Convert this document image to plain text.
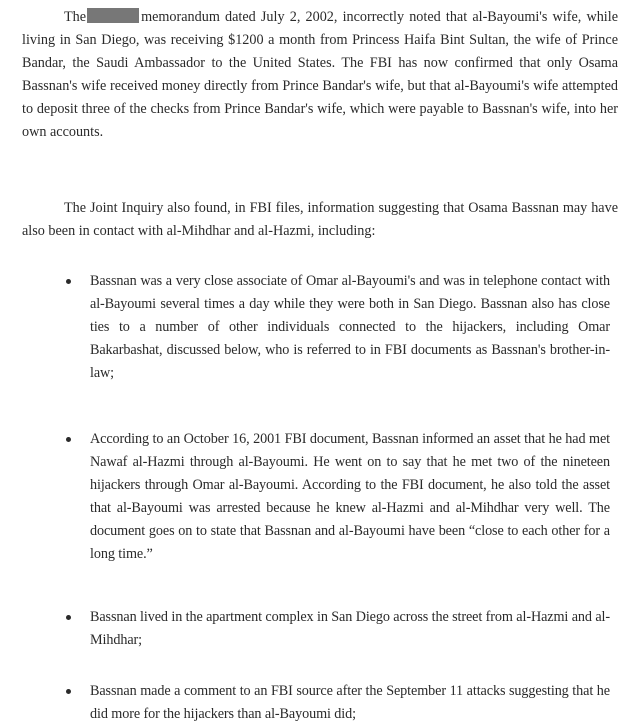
The	memorandum dated July 2, 2002, incorrectly noted that al-Bayoumi's wife, while living in San Diego, was receiving $1200 a month from Princess Haifa Bint Sultan, the wife of Prince Bandar, the Saudi Ambassador to the United States. The FBI has now confirmed that only Osama Bassnan's wife received money directly from Prince Bandar's wife, but that al-Bayoumi's wife attempted to deposit three of the checks from Prince Bandar's wife, which were payable to Bassnan's wife, into her own accounts.

The Joint Inquiry also found, in FBI files, information suggesting that Osama Bassnan may have also been in contact with al-Mihdhar and al-Hazmi, including:

Bassnan was a very close associate of Omar al-Bayoumi's and was in telephone contact with al-Bayoumi several times a day while they were both in San Diego. Bassnan also has close ties to a number of other individuals connected to the hijackers, including Omar Bakarbashat, discussed below, who is referred to in FBI documents as Bassnan's brother-in-law;
According to an October 16, 2001 FBI document, Bassnan informed an asset that he had met Nawaf al-Hazmi through al-Bayoumi. He went on to say that he met two of the nineteen hijackers through Omar al-Bayoumi. According to the FBI document, he also told the asset that al-Bayoumi was arrested because he knew al-Hazmi and al-Mihdhar very well. The document goes on to state that Bassnan and al-Bayoumi have been “close to each other for a long time.”
Bassnan lived in the apartment complex in San Diego across the street from al-Hazmi and al-Mihdhar;
Bassnan made a comment to an FBI source after the September 11 attacks suggesting that he did more for the hijackers than al-Bayoumi did;
